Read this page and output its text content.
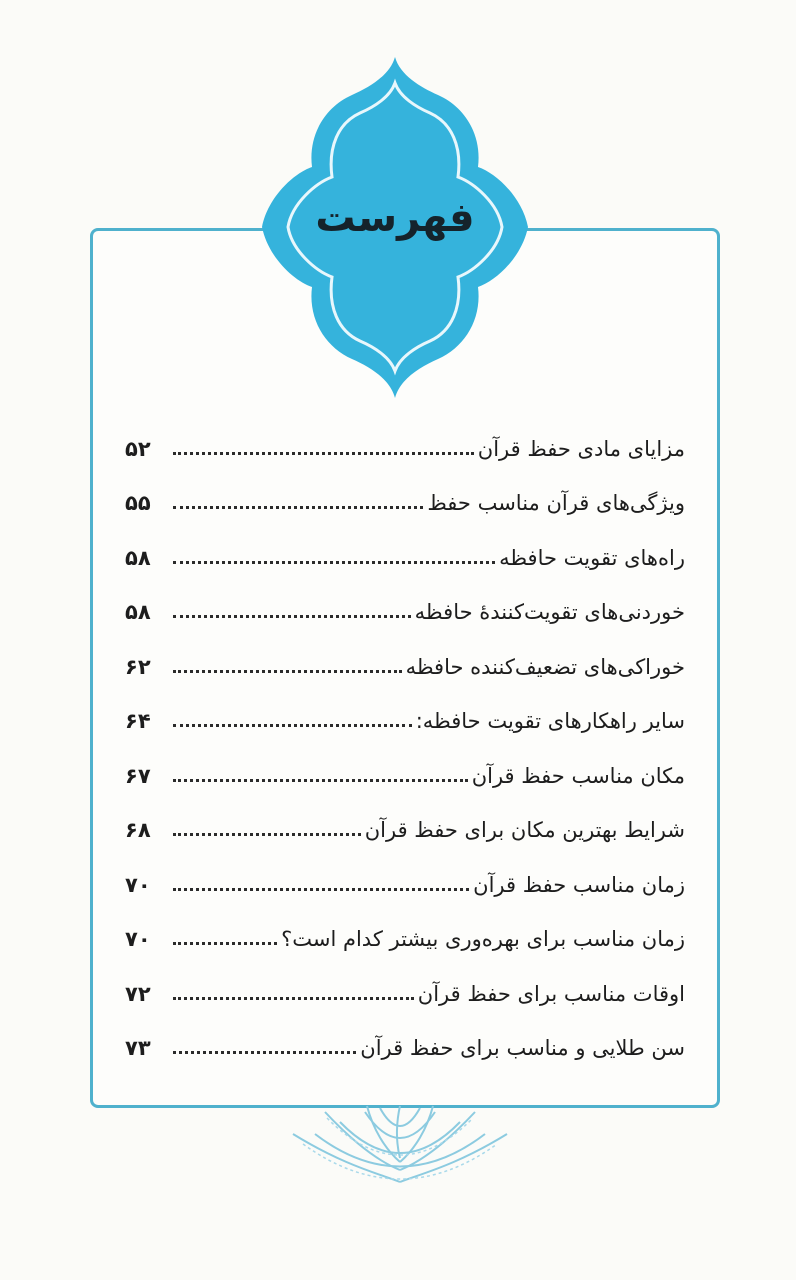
فهرست
مزایای مادی حفظ قرآن
۵۲
ویژگی‌های قرآن مناسب حفظ
۵۵
راه‌های تقویت حافظه
۵۸
خوردنی‌های تقویت‌کنندهٔ حافظه
۵۸
خوراکی‌های تضعیف‌کننده حافظه
۶۲
سایر راهکارهای تقویت حافظه:
۶۴
مکان مناسب حفظ قرآن
۶۷
شرایط بهترین مکان برای حفظ قرآن
۶۸
زمان مناسب حفظ قرآن
۷۰
زمان مناسب برای بهره‌وری بیشتر کدام است؟
۷۰
اوقات مناسب برای حفظ قرآن
۷۲
سن طلایی و مناسب برای حفظ قرآن
۷۳
